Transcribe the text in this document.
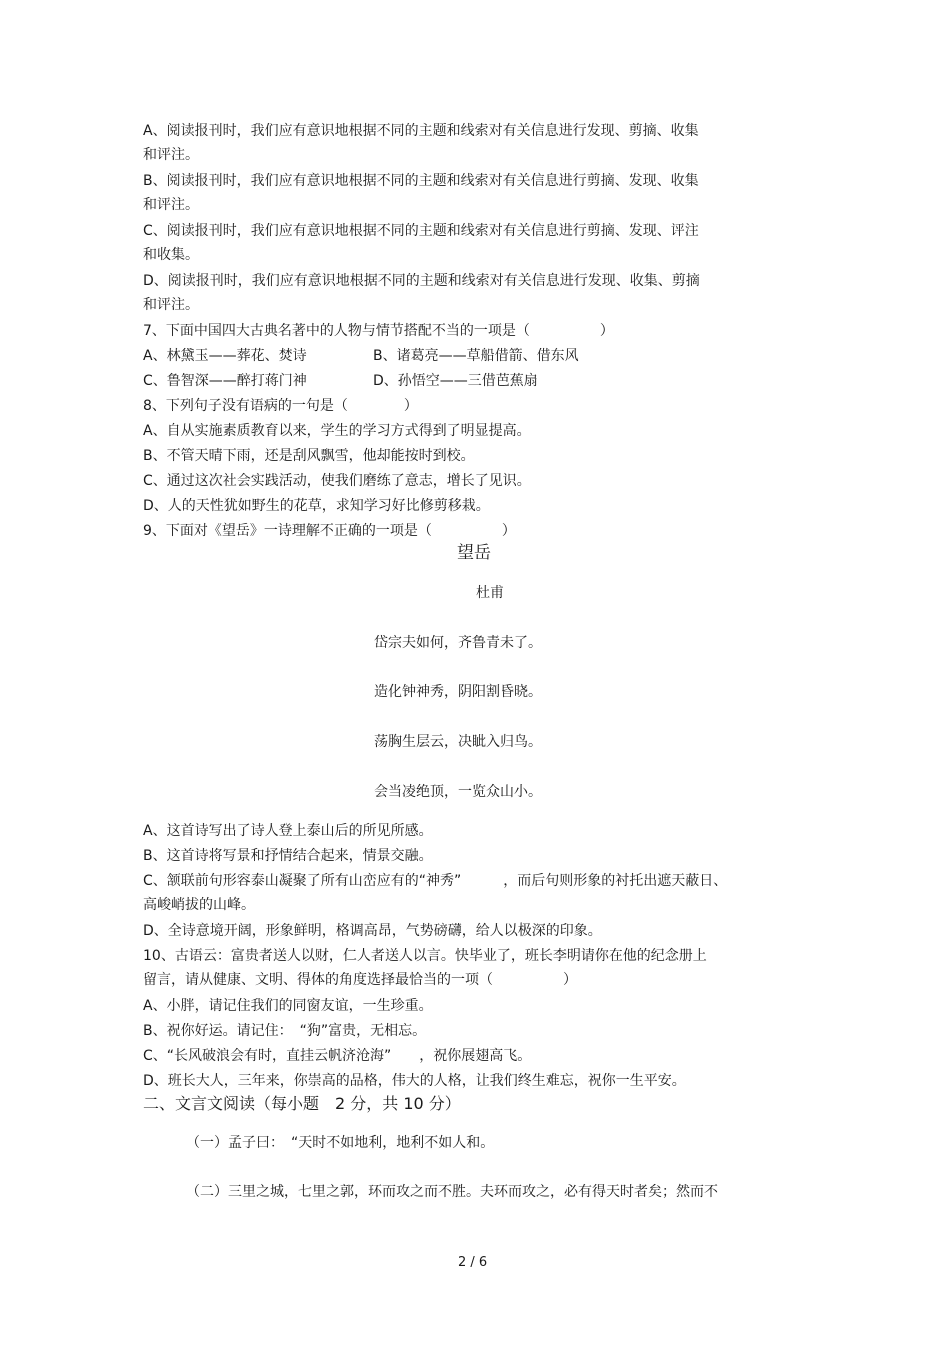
A、阅读报刊时，我们应有意识地根据不同的主题和线索对有关信息进行发现、剪摘、收集
和评注。
B、阅读报刊时，我们应有意识地根据不同的主题和线索对有关信息进行剪摘、发现、收集
和评注。
C、阅读报刊时，我们应有意识地根据不同的主题和线索对有关信息进行剪摘、发现、评注
和收集。
D、阅读报刊时，我们应有意识地根据不同的主题和线索对有关信息进行发现、收集、剪摘
和评注。
7、下面中国四大古典名著中的人物与情节搭配不当的一项是（　　　　　）
A、林黛玉——葬花、焚诗	B、诸葛亮——草船借箭、借东风
C、鲁智深——醉打蒋门神	D、孙悟空——三借芭蕉扇
8、下列句子没有语病的一句是（　　　　）
A、自从实施素质教育以来，学生的学习方式得到了明显提高。
B、不管天晴下雨，还是刮风飘雪，他却能按时到校。
C、通过这次社会实践活动，使我们磨练了意志，增长了见识。
D、人的天性犹如野生的花草，求知学习好比修剪移栽。
9、下面对《望岳》一诗理解不正确的一项是（　　　　　）
望岳
杜甫
岱宗夫如何，齐鲁青未了。
造化钟神秀，阴阳割昏晓。
荡胸生层云，决眦入归鸟。
会当凌绝顶，一览众山小。
A、这首诗写出了诗人登上泰山后的所见所感。
B、这首诗将写景和抒情结合起来，情景交融。
C、颔联前句形容泰山凝聚了所有山峦应有的“神秀”　　　，而后句则形象的衬托出遮天蔽日、
高峻峭拔的山峰。
D、全诗意境开阔，形象鲜明，格调高昂，气势磅礴，给人以极深的印象。
10、古语云：富贵者送人以财，仁人者送人以言。快毕业了，班长李明请你在他的纪念册上
留言，请从健康、文明、得体的角度选择最恰当的一项（　　　　　）
A、小胖，请记住我们的同窗友谊，一生珍重。
B、祝你好运。请记住：　“狗”富贵，无相忘。
C、“长风破浪会有时，直挂云帆济沧海”　　，祝你展翅高飞。
D、班长大人，三年来，你崇高的品格，伟大的人格，让我们终生难忘，祝你一生平安。
二、文言文阅读（每小题　2 分，共 10 分）
（一）孟子曰：　“天时不如地利，地利不如人和。
（二）三里之城，七里之郭，环而攻之而不胜。夫环而攻之，必有得天时者矣；然而不
2 / 6
